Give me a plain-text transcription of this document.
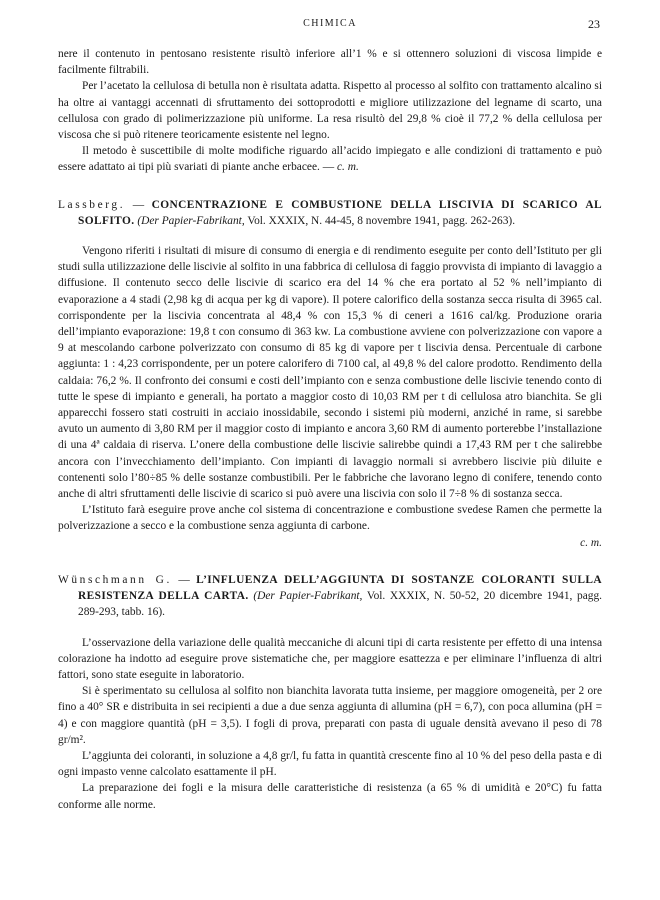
CHIMICA	23

nere il contenuto in pentosano resistente risultò inferiore all’1 % e si ottennero soluzioni di viscosa limpide e facilmente filtrabili.

Per l’acetato la cellulosa di betulla non è risultata adatta. Rispetto al processo al solfito con trattamento alcalino si ha oltre ai vantaggi accennati di sfruttamento dei sottoprodotti e migliore utilizzazione del legname di scarto, una cellulosa con grado di polimerizzazione più uniforme. La resa risultò del 29,8 % cioè il 77,2 % della cellulosa per viscosa che si può ritenere teoricamente esistente nel legno.

Il metodo è suscettibile di molte modifiche riguardo all’acido impiegato e alle condizioni di trattamento e può essere adattato ai tipi più svariati di piante anche erbacee. — c. m.

Lassberg. — CONCENTRAZIONE E COMBUSTIONE DELLA LISCIVIA DI SCARICO AL SOLFITO. (Der Papier-Fabrikant, Vol. XXXIX, N. 44-45, 8 novembre 1941, pagg. 262-263).

Vengono riferiti i risultati di misure di consumo di energia e di rendimento eseguite per conto dell’Istituto per gli studi sulla utilizzazione delle liscivie al solfito in una fabbrica di cellulosa di faggio provvista di impianto di lavaggio a diffusione. Il contenuto secco delle liscivie di scarico era del 14 % che era portato al 52 % nell’impianto di evaporazione a 4 stadi (2,98 kg di acqua per kg di vapore). Il potere calorifico della sostanza secca risulta di 3965 cal. corrispondente per la liscivia concentrata al 48,4 % con 15,3 % di ceneri a 1616 cal/kg. Produzione oraria dell’impianto evaporazione: 19,8 t con consumo di 363 kw. La combustione avviene con polverizzazione con vapore a 9 at mescolando carbone polverizzato con consumo di 85 kg di vapore per t liscivia densa. Percentuale di carbone aggiunta: 1 : 4,23 corrispondente, per un potere calorifero di 7100 cal, al 49,8 % del calore prodotto. Rendimento della caldaia: 76,2 %. Il confronto dei consumi e costi dell’impianto con e senza combustione delle liscivie tenendo conto di tutte le spese di impianto e generali, ha portato a maggior costo di 10,03 RM per t di cellulosa atro bianchita. Se gli apparecchi fossero stati costruiti in acciaio inossidabile, secondo i sistemi più moderni, anziché in rame, si sarebbe avuto un aumento di 3,80 RM per il maggior costo di impianto e ancora 3,60 RM di aumento porterebbe l’installazione di una 4ª caldaia di riserva. L’onere della combustione delle liscivie salirebbe quindi a 17,43 RM per t che salirebbe ancora con l’invecchiamento dell’impianto. Con impianti di lavaggio normali si avrebbero liscivie più diluite e contenenti solo l’80÷85 % delle sostanze combustibili. Per le fabbriche che lavorano legno di conifere, tenendo conto anche di altri sfruttamenti delle liscivie di scarico si può avere una liscivia con solo il 7÷8 % di sostanza secca.

L’Istituto farà eseguire prove anche col sistema di concentrazione e combustione svedese Ramen che permette la polverizzazione a secco e la combustione senza aggiunta di carbone.

c. m.

Wünschmann G. — L’INFLUENZA DELL’AGGIUNTA DI SOSTANZE COLORANTI SULLA RESISTENZA DELLA CARTA. (Der Papier-Fabrikant, Vol. XXXIX, N. 50-52, 20 dicembre 1941, pagg. 289-293, tabb. 16).

L’osservazione della variazione delle qualità meccaniche di alcuni tipi di carta resistente per effetto di una intensa colorazione ha indotto ad eseguire prove sistematiche che, per maggiore esattezza e per eliminare l’influenza di altri fattori, sono state eseguite in laboratorio.

Si è sperimentato su cellulosa al solfito non bianchita lavorata tutta insieme, per maggiore omogeneità, per 2 ore fino a 40° SR e distribuita in sei recipienti a due a due senza aggiunta di allumina (pH = 6,7), con poca allumina (pH = 4) e con maggiore quantità (pH = 3,5). I fogli di prova, preparati con pasta di uguale densità avevano il peso di 78 gr/m².

L’aggiunta dei coloranti, in soluzione a 4,8 gr/l, fu fatta in quantità crescente fino al 10 % del peso della pasta e di ogni impasto venne calcolato esattamente il pH.

La preparazione dei fogli e la misura delle caratteristiche di resistenza (a 65 % di umidità e 20°C) fu fatta conforme alle norme.
